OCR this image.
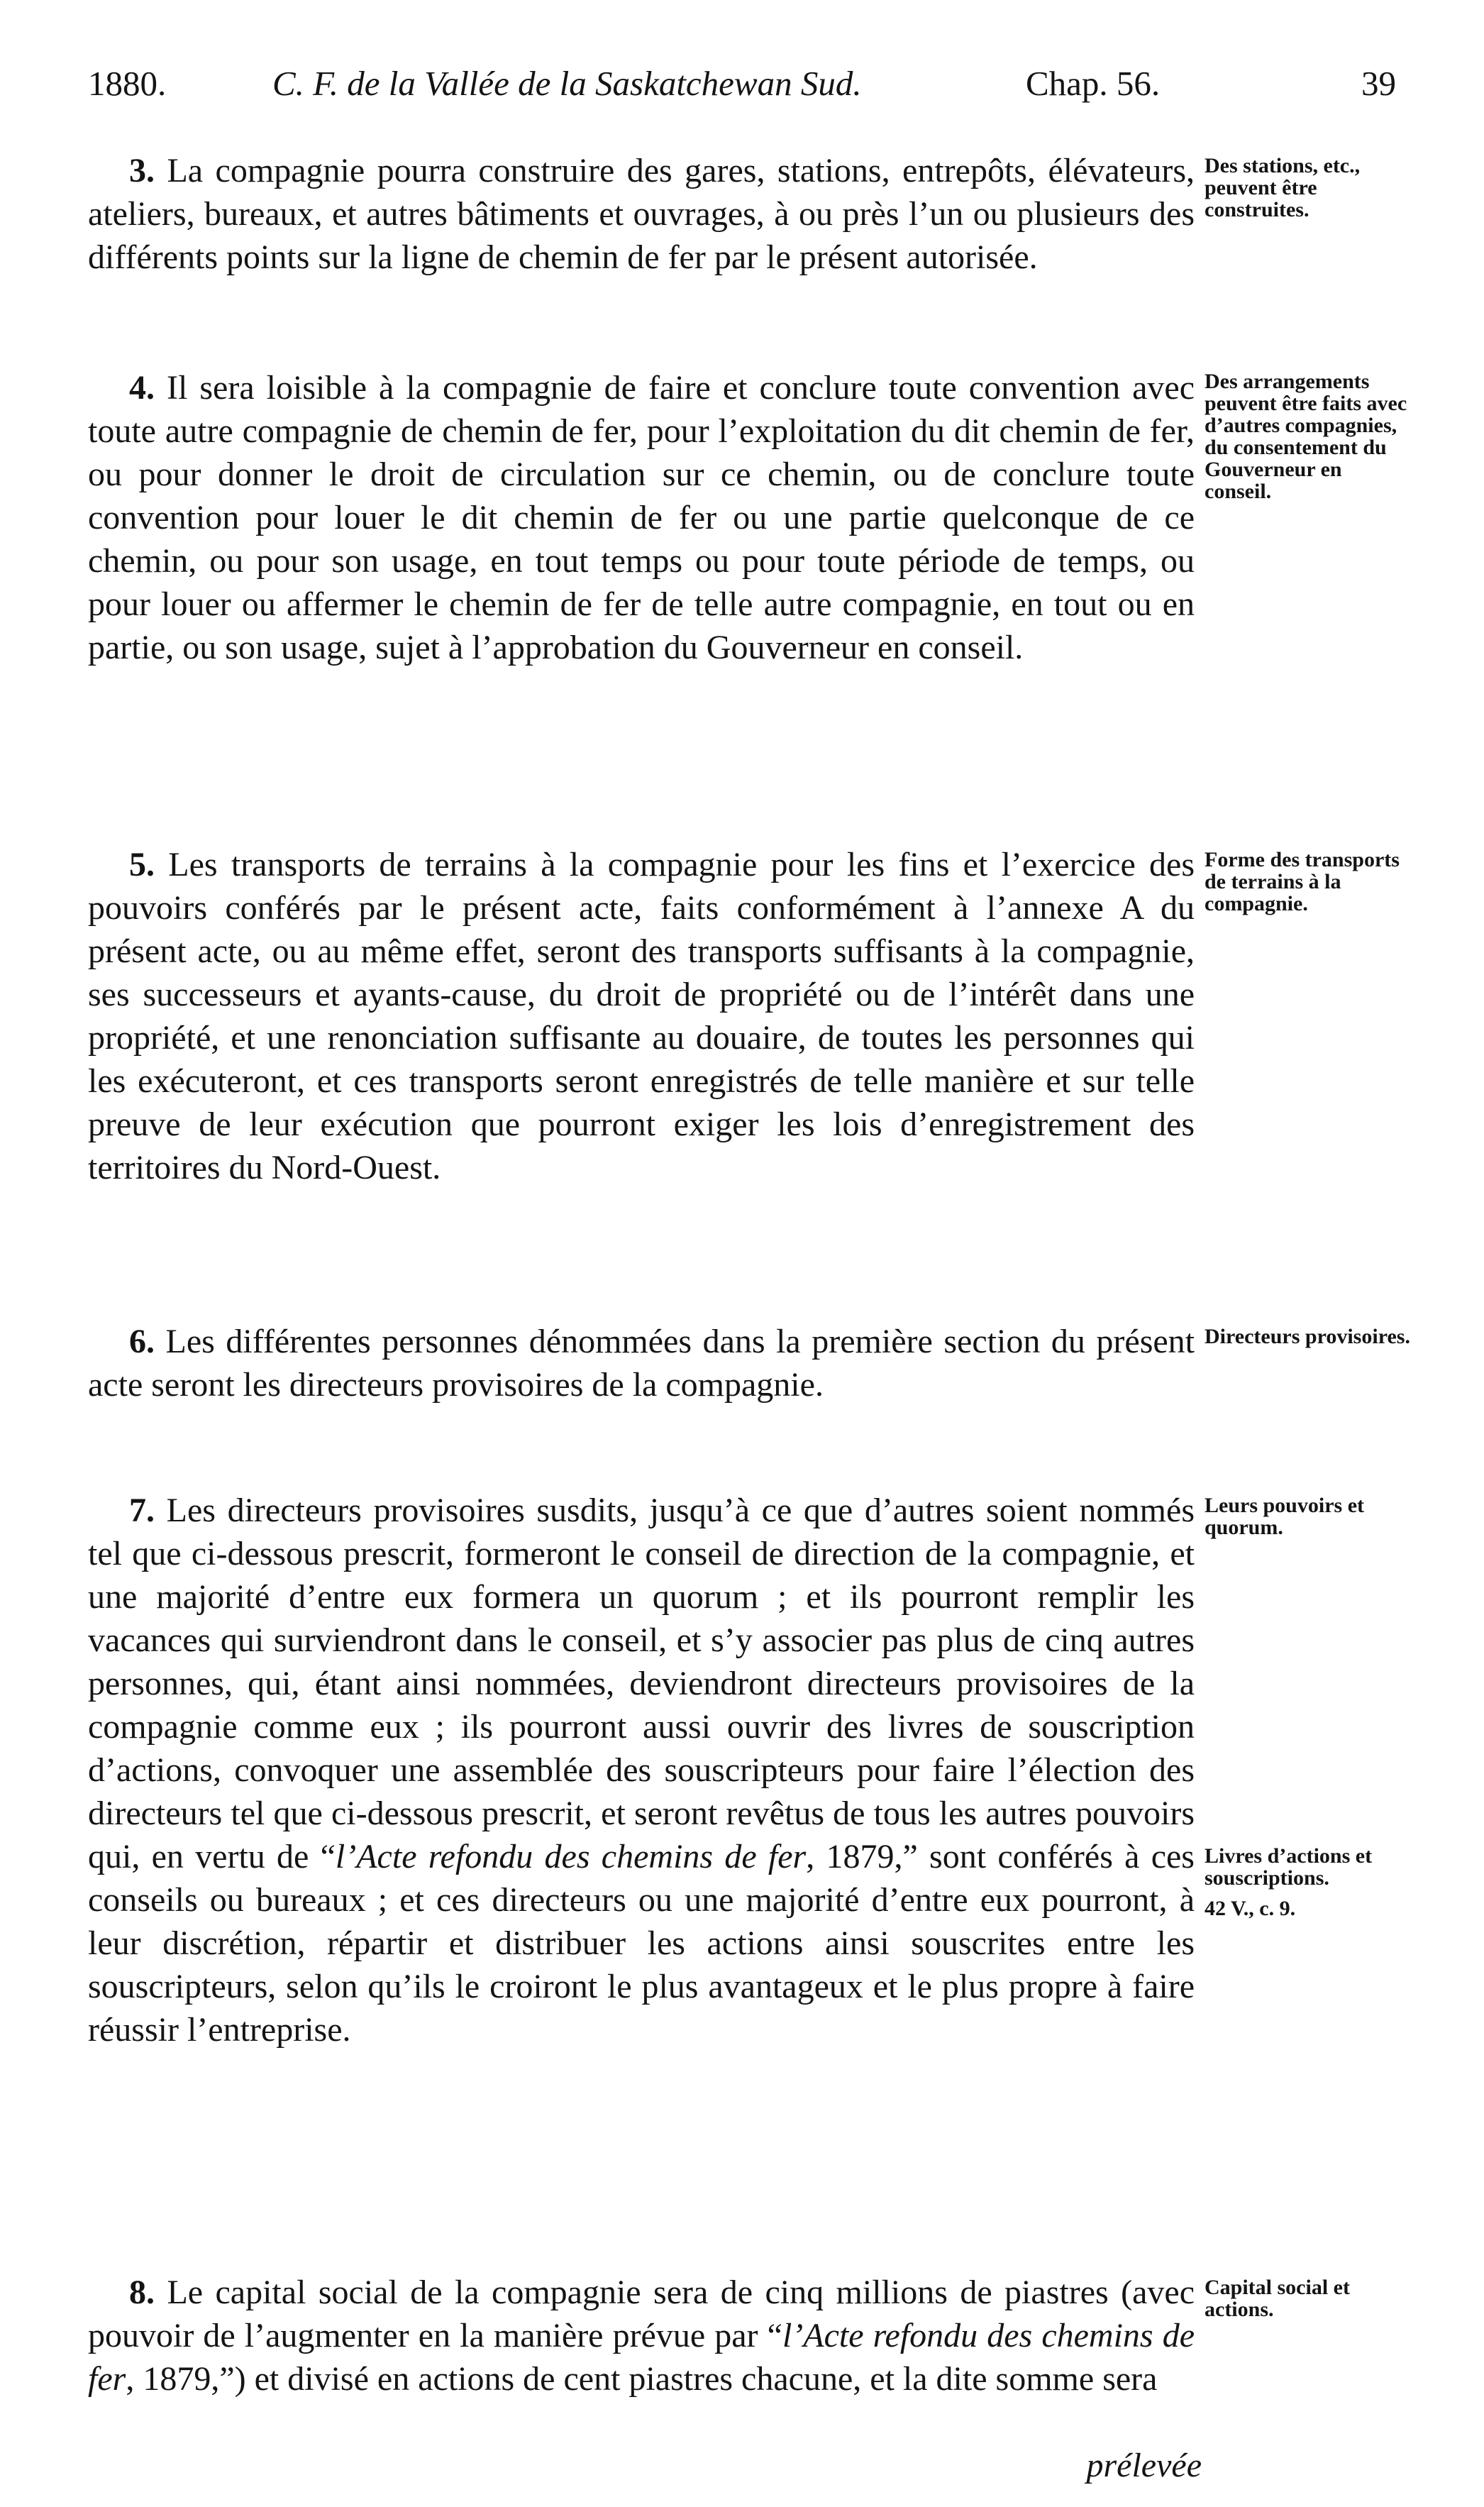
1880.	C. F. de la Vallée de la Saskatchewan Sud.	Chap. 56.	39

3. La compagnie pourra construire des gares, stations, entrepôts, élévateurs, ateliers, bureaux, et autres bâtiments et ouvrages, à ou près l’un ou plusieurs des différents points sur la ligne de chemin de fer par le présent autorisée.

Des stations, etc., peuvent être construites.

4. Il sera loisible à la compagnie de faire et conclure toute convention avec toute autre compagnie de chemin de fer, pour l’exploitation du dit chemin de fer, ou pour donner le droit de circulation sur ce chemin, ou de conclure toute convention pour louer le dit chemin de fer ou une partie quelconque de ce chemin, ou pour son usage, en tout temps ou pour toute période de temps, ou pour louer ou affermer le chemin de fer de telle autre compagnie, en tout ou en partie, ou son usage, sujet à l’approbation du Gouverneur en conseil.

Des arrangements peuvent être faits avec d’autres compagnies, du consentement du Gouverneur en conseil.

5. Les transports de terrains à la compagnie pour les fins et l’exercice des pouvoirs conférés par le présent acte, faits conformément à l’annexe A du présent acte, ou au même effet, seront des transports suffisants à la compagnie, ses successeurs et ayants-cause, du droit de propriété ou de l’intérêt dans une propriété, et une renonciation suffisante au douaire, de toutes les personnes qui les exécuteront, et ces transports seront enregistrés de telle manière et sur telle preuve de leur exécution que pourront exiger les lois d’enregistrement des territoires du Nord-Ouest.

Forme des transports de terrains à la compagnie.

6. Les différentes personnes dénommées dans la première section du présent acte seront les directeurs provisoires de la compagnie.

Directeurs provisoires.

7. Les directeurs provisoires susdits, jusqu’à ce que d’autres soient nommés tel que ci-dessous prescrit, formeront le conseil de direction de la compagnie, et une majorité d’entre eux formera un quorum ; et ils pourront remplir les vacances qui surviendront dans le conseil, et s’y associer pas plus de cinq autres personnes, qui, étant ainsi nommées, deviendront directeurs provisoires de la compagnie comme eux ; ils pourront aussi ouvrir des livres de souscription d’actions, convoquer une assemblée des souscripteurs pour faire l’élection des directeurs tel que ci-dessous prescrit, et seront revêtus de tous les autres pouvoirs qui, en vertu de “l’Acte refondu des chemins de fer, 1879,” sont conférés à ces conseils ou bureaux ; et ces directeurs ou une majorité d’entre eux pourront, à leur discrétion, répartir et distribuer les actions ainsi souscrites entre les souscripteurs, selon qu’ils le croiront le plus avantageux et le plus propre à faire réussir l’entreprise.

Leurs pouvoirs et quorum.

Livres d’actions et souscriptions.
42 V., c. 9.

8. Le capital social de la compagnie sera de cinq millions de piastres (avec pouvoir de l’augmenter en la manière prévue par “l’Acte refondu des chemins de fer, 1879,”) et divisé en actions de cent piastres chacune, et la dite somme sera

Capital social et actions.

prélevée
